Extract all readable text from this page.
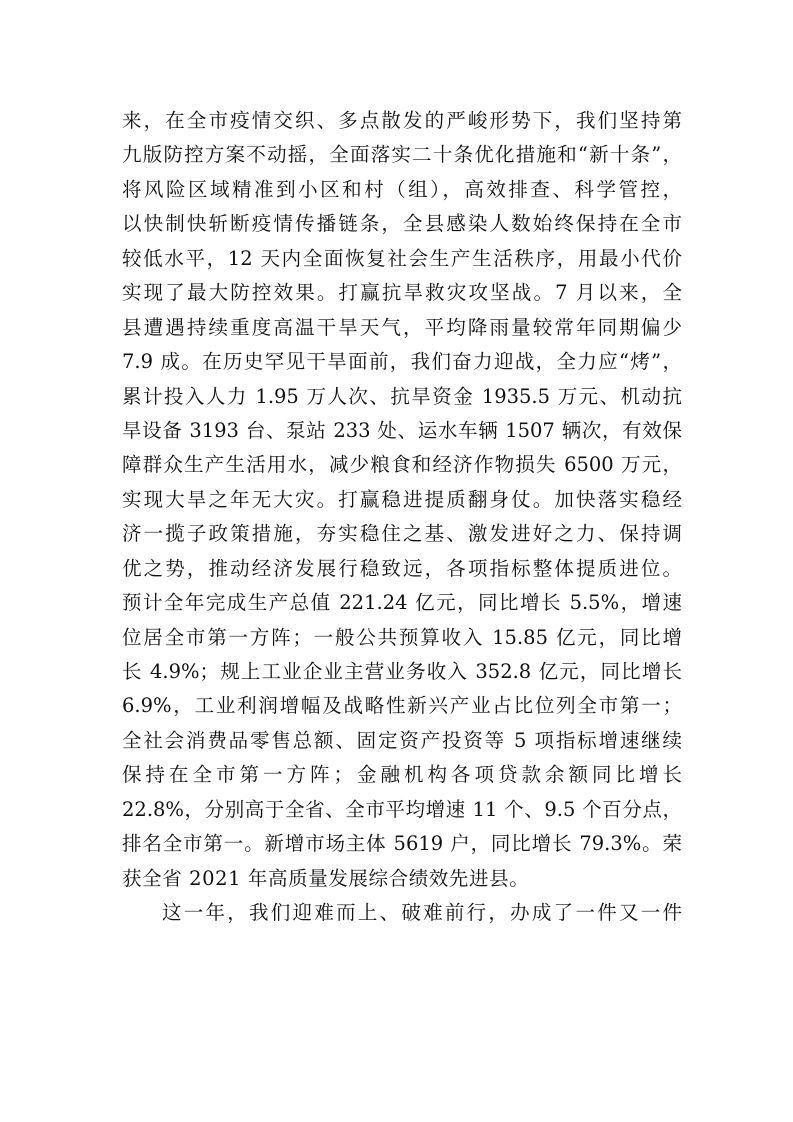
来，在全市疫情交织、多点散发的严峻形势下，我们坚持第
九版防控方案不动摇，全面落实二十条优化措施和“新十条”，
将风险区域精准到小区和村（组），高效排查、科学管控，
以快制快斩断疫情传播链条，全县感染人数始终保持在全市
较低水平，12 天内全面恢复社会生产生活秩序，用最小代价
实现了最大防控效果。打赢抗旱救灾攻坚战。7 月以来，全
县遭遇持续重度高温干旱天气，平均降雨量较常年同期偏少
7.9 成。在历史罕见干旱面前，我们奋力迎战，全力应“烤”，
累计投入人力 1.95 万人次、抗旱资金 1935.5 万元、机动抗
旱设备 3193 台、泵站 233 处、运水车辆 1507 辆次，有效保
障群众生产生活用水，减少粮食和经济作物损失 6500 万元，
实现大旱之年无大灾。打赢稳进提质翻身仗。加快落实稳经
济一揽子政策措施，夯实稳住之基、激发进好之力、保持调
优之势，推动经济发展行稳致远，各项指标整体提质进位。
预计全年完成生产总值 221.24 亿元，同比增长 5.5%，增速
位居全市第一方阵；一般公共预算收入 15.85 亿元，同比增
长 4.9%；规上工业企业主营业务收入 352.8 亿元，同比增长
6.9%，工业利润增幅及战略性新兴产业占比位列全市第一；
全社会消费品零售总额、固定资产投资等 5 项指标增速继续
保持在全市第一方阵；金融机构各项贷款余额同比增长
22.8%，分别高于全省、全市平均增速 11 个、9.5 个百分点，
排名全市第一。新增市场主体 5619 户，同比增长 79.3%。荣
获全省 2021 年高质量发展综合绩效先进县。
这一年，我们迎难而上、破难前行，办成了一件又一件
